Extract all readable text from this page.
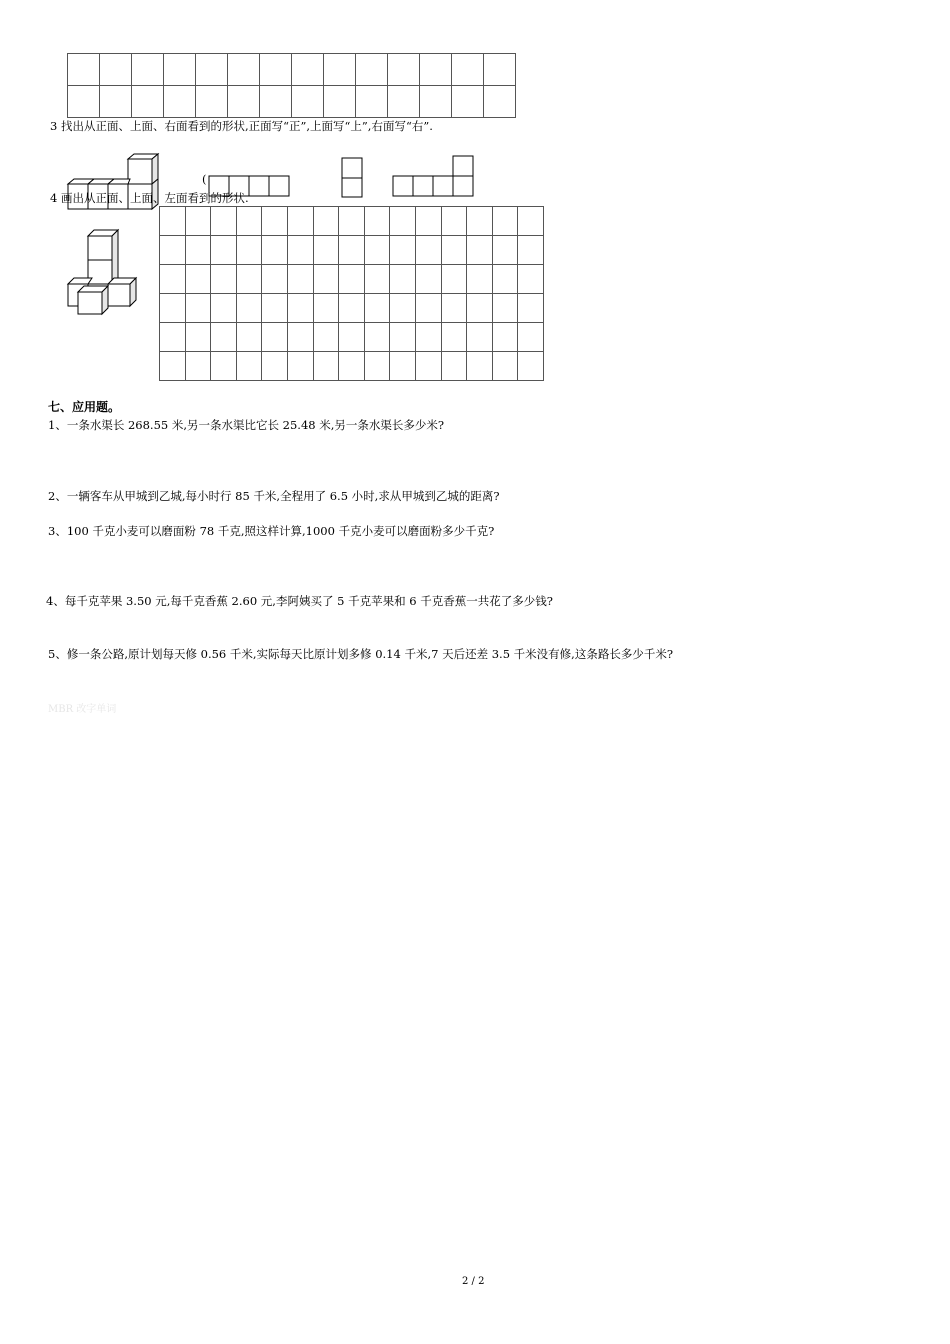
3 找出从正面、上面、右面看到的形状,正面写“正”,上面写“上”,右面写“右”.
(
4 画出从正面、上面、左面看到的形状.

七、应用题。
1、一条水渠长 268.55 米,另一条水渠比它长 25.48 米,另一条水渠长多少米?
2、一辆客车从甲城到乙城,每小时行 85 千米,全程用了 6.5 小时,求从甲城到乙城的距离?
3、100 千克小麦可以磨面粉 78 千克,照这样计算,1000 千克小麦可以磨面粉多少千克?
4、每千克苹果 3.50 元,每千克香蕉 2.60 元,李阿姨买了 5 千克苹果和 6 千克香蕉一共花了多少钱?
5、修一条公路,原计划每天修 0.56 千米,实际每天比原计划多修 0.14 千米,7 天后还差 3.5 千米没有修,这条路长多少千米?
MBR 改字单词
2 / 2
